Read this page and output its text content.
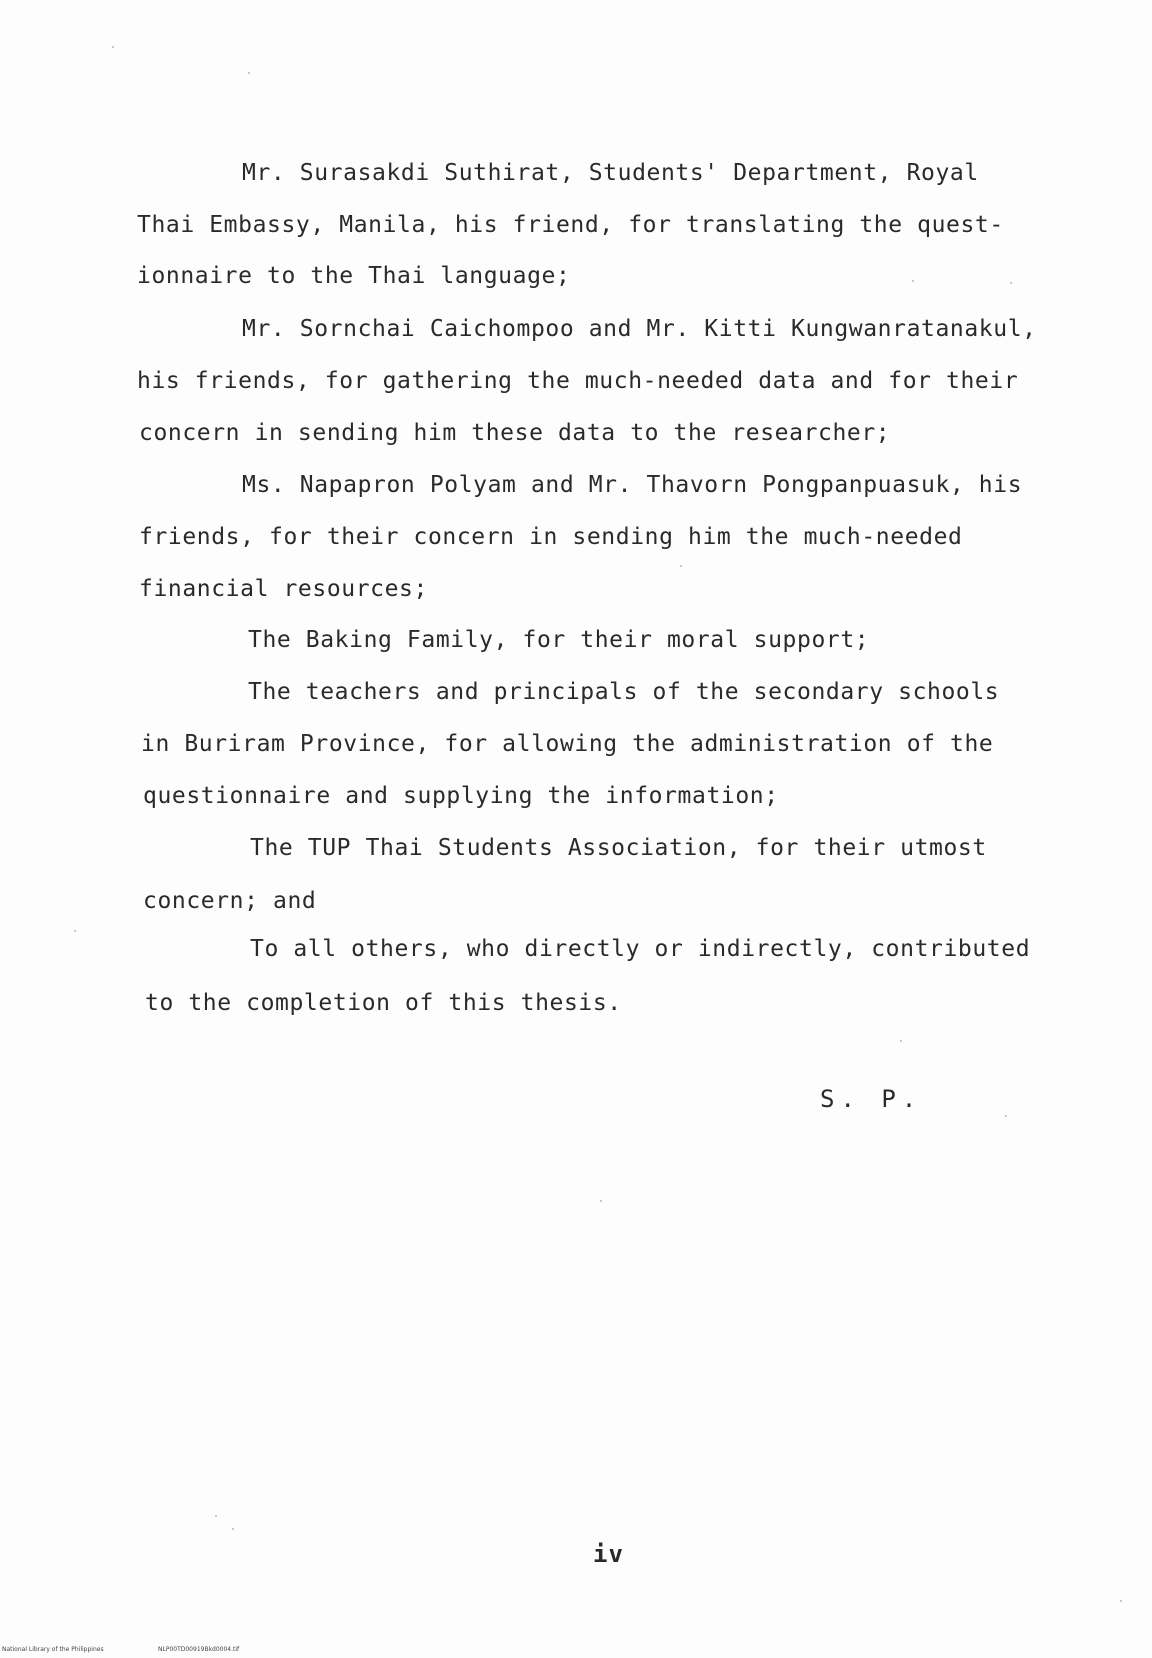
Mr. Surasakdi Suthirat, Students' Department, Royal
Thai Embassy, Manila, his friend, for translating the quest-
ionnaire to the Thai language;
Mr. Sornchai Caichompoo and Mr. Kitti Kungwanratanakul,
his friends, for gathering the much-needed data and for their
concern in sending him these data to the researcher;
Ms. Napapron Polyam and Mr. Thavorn Pongpanpuasuk, his
friends, for their concern in sending him the much-needed
financial resources;
The Baking Family, for their moral support;
The teachers and principals of the secondary schools
in Buriram Province, for allowing the administration of the
questionnaire and supplying the information;
The TUP Thai Students Association, for their utmost
concern; and
To all others, who directly or indirectly, contributed
to the completion of this thesis.
S. P.
iv
National Library of the Philippines	NLP00TD00919Bkd0004.tif
